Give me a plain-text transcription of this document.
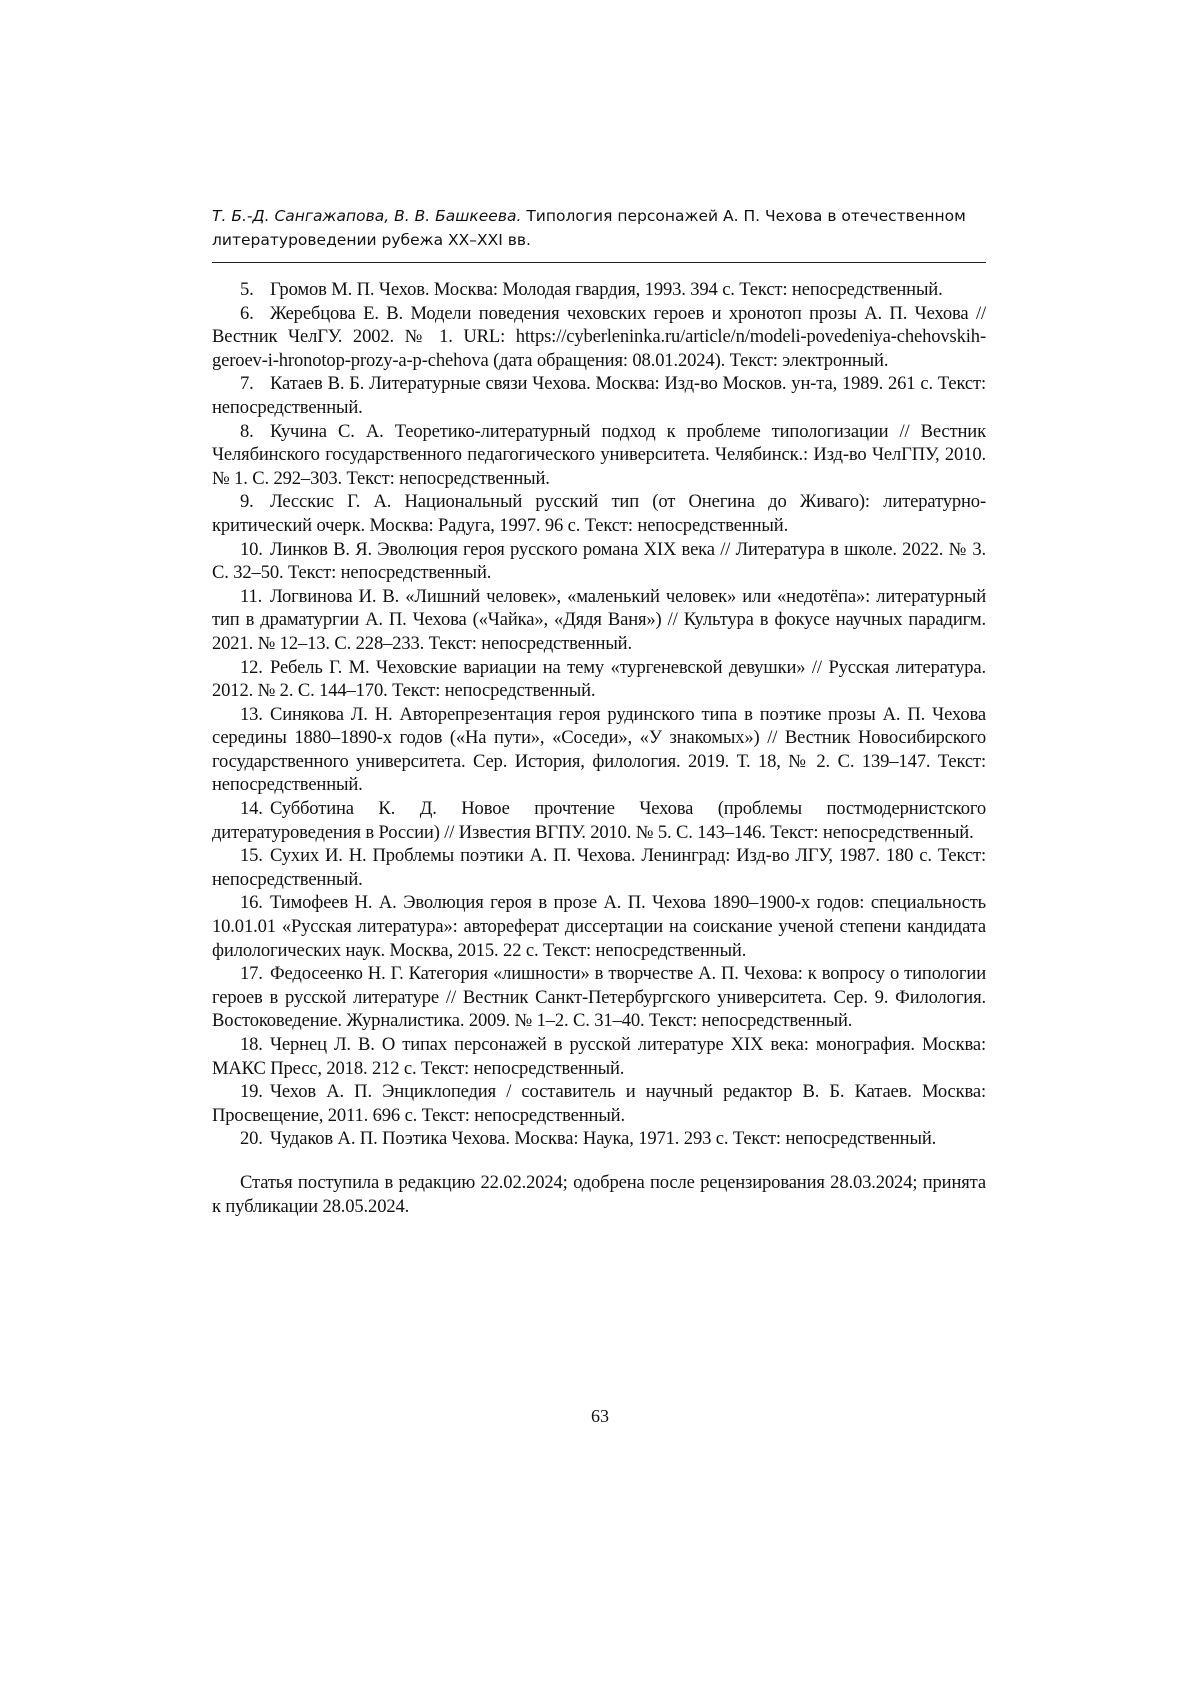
Т. Б.-Д. Сангажапова, В. В. Башкеева. Типология персонажей А. П. Чехова в отечественном литературоведении рубежа XX–XXI вв.

5. Громов М. П. Чехов. Москва: Молодая гвардия, 1993. 394 с. Текст: непосредственный.

6. Жеребцова Е. В. Модели поведения чеховских героев и хронотоп прозы А. П. Чехова // Вестник ЧелГУ. 2002. № 1. URL: https://cyberleninka.ru/article/n/modeli-povedeniya-chehovskih-geroev-i-hronotop-prozy-a-p-chehova (дата обращения: 08.01.2024). Текст: электронный.

7. Катаев В. Б. Литературные связи Чехова. Москва: Изд-во Москов. ун-та, 1989. 261 с. Текст: непосредственный.

8. Кучина С. А. Теоретико-литературный подход к проблеме типологизации // Вестник Челябинского государственного педагогического университета. Челябинск.: Изд-во ЧелГПУ, 2010. № 1. С. 292–303. Текст: непосредственный.

9. Лесскис Г. А. Национальный русский тип (от Онегина до Живаго): литературно-критический очерк. Москва: Радуга, 1997. 96 с. Текст: непосредственный.

10. Линков В. Я. Эволюция героя русского романа XIX века // Литература в школе. 2022. № 3. С. 32–50. Текст: непосредственный.

11. Логвинова И. В. «Лишний человек», «маленький человек» или «недотёпа»: литературный тип в драматургии А. П. Чехова («Чайка», «Дядя Ваня») // Культура в фокусе научных парадигм. 2021. № 12–13. С. 228–233. Текст: непосредственный.

12. Ребель Г. М. Чеховские вариации на тему «тургеневской девушки» // Русская литература. 2012. № 2. С. 144–170. Текст: непосредственный.

13. Синякова Л. Н. Авторепрезентация героя рудинского типа в поэтике прозы А. П. Чехова середины 1880–1890-х годов («На пути», «Соседи», «У знакомых») // Вестник Новосибирского государственного университета. Сер. История, филология. 2019. Т. 18, № 2. С. 139–147. Текст: непосредственный.

14. Субботина К. Д. Новое прочтение Чехова (проблемы постмодернистского дитературоведения в России) // Известия ВГПУ. 2010. № 5. С. 143–146. Текст: непосредственный.

15. Сухих И. Н. Проблемы поэтики А. П. Чехова. Ленинград: Изд-во ЛГУ, 1987. 180 с. Текст: непосредственный.

16. Тимофеев Н. А. Эволюция героя в прозе А. П. Чехова 1890–1900-х годов: специальность 10.01.01 «Русская литература»: автореферат диссертации на соискание ученой степени кандидата филологических наук. Москва, 2015. 22 с. Текст: непосредственный.

17. Федосеенко Н. Г. Категория «лишности» в творчестве А. П. Чехова: к вопросу о типологии героев в русской литературе // Вестник Санкт-Петербургского университета. Сер. 9. Филология. Востоковедение. Журналистика. 2009. № 1–2. С. 31–40. Текст: непосредственный.

18. Чернец Л. В. О типах персонажей в русской литературе XIX века: монография. Москва: МАКС Пресс, 2018. 212 с. Текст: непосредственный.

19. Чехов А. П. Энциклопедия / составитель и научный редактор В. Б. Катаев. Москва: Просвещение, 2011. 696 с. Текст: непосредственный.

20. Чудаков А. П. Поэтика Чехова. Москва: Наука, 1971. 293 с. Текст: непосредственный.

Статья поступила в редакцию 22.02.2024; одобрена после рецензирования 28.03.2024; принята к публикации 28.05.2024.

63
